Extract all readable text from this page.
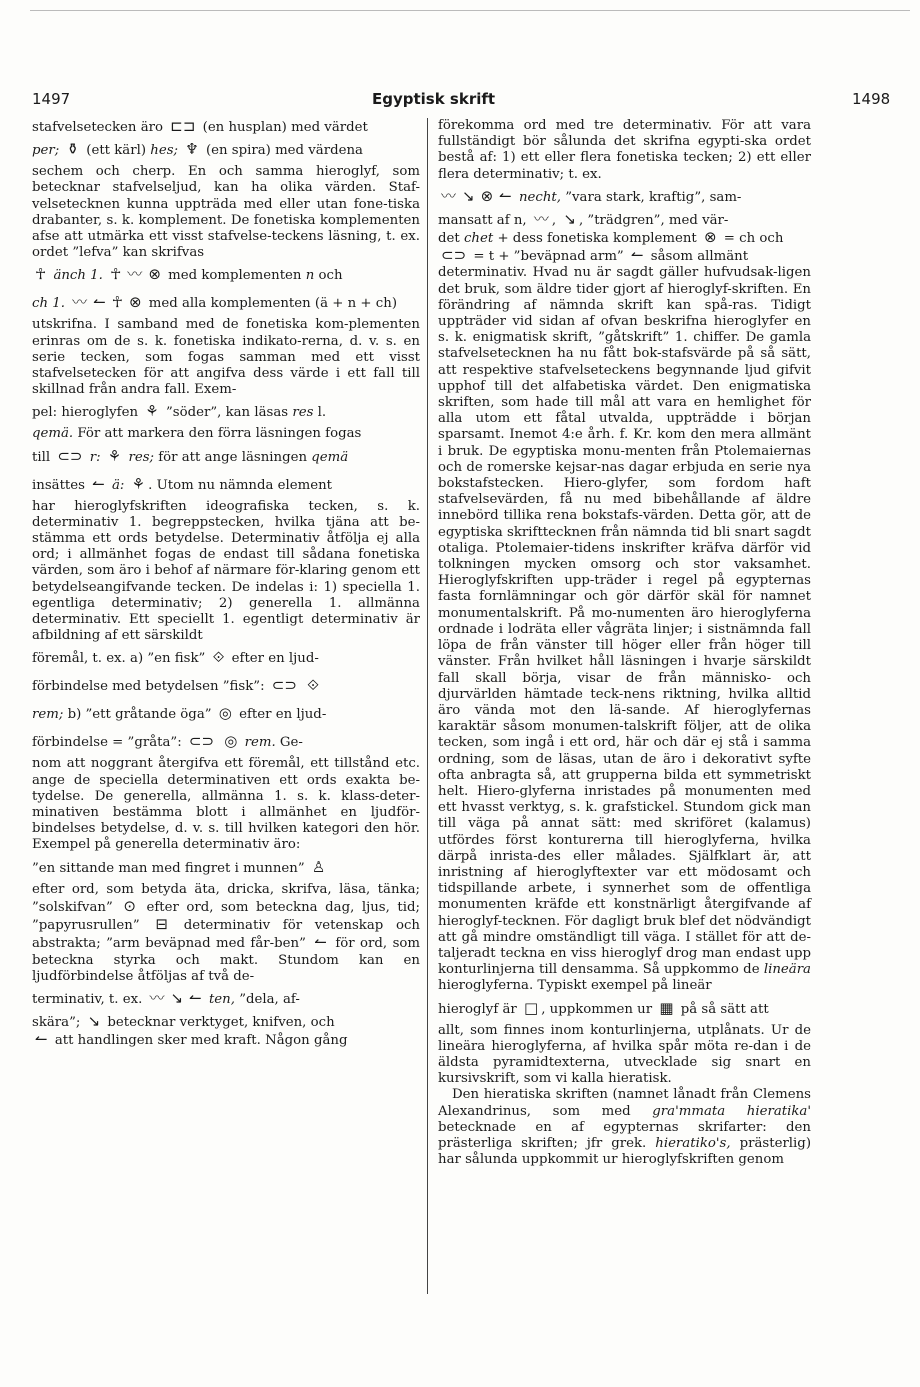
1497	Egyptisk skrift	1498

stafvelsetecken äro ⊏⊐ (en husplan) med värdet

per; ⚱ (ett kärl) hes; ♆ (en spira) med värdena

sechem och cherp. En och samma hieroglyf, som betecknar stafvelseljud, kan ha olika värden. Staf-velsetecknen kunna uppträda med eller utan fone-tiska drabanter, s. k. komplement. De fonetiska komplementen afse att utmärka ett visst stafvelse-teckens läsning, t. ex. ordet ”lefva” kan skrifvas

☥ änch 1. ☥ 〰 ⊗ med komplementen n och

ch 1. 〰 ↼ ☥ ⊗ med alla komplementen (ä + n + ch)

utskrifna. I samband med de fonetiska kom-plementen erinras om de s. k. fonetiska indikato-rerna, d. v. s. en serie tecken, som fogas samman med ett visst stafvelsetecken för att angifva dess värde i ett fall till skillnad från andra fall. Exem-

pel: hieroglyfen ⚘ ”söder”, kan läsas res l.

qemä. För att markera den förra läsningen fogas

till ⊂⊃ r: ⚘ res; för att ange läsningen qemä

insättes ↼ ä: ⚘ . Utom nu nämnda element

har hieroglyfskriften ideografiska tecken, s. k. determinativ 1. begreppstecken, hvilka tjäna att be-stämma ett ords betydelse. Determinativ åtfölja ej alla ord; i allmänhet fogas de endast till sådana fonetiska värden, som äro i behof af närmare för-klaring genom ett betydelseangifvande tecken. De indelas i: 1) speciella 1. egentliga determinativ; 2) generella 1. allmänna determinativ. Ett speciellt 1. egentligt determinativ är afbildning af ett särskildt

föremål, t. ex. a) ”en fisk” ⟐ efter en ljud-

förbindelse med betydelsen ”fisk”: ⊂⊃ ⟐

rem; b) ”ett gråtande öga” ◎ efter en ljud-

förbindelse = ”gråta”: ⊂⊃ ◎ rem. Ge-

nom att noggrant återgifva ett föremål, ett tillstånd etc. ange de speciella determinativen ett ords exakta be-tydelse. De generella, allmänna 1. s. k. klass-deter-minativen bestämma blott i allmänhet en ljudför-bindelses betydelse, d. v. s. till hvilken kategori den hör. Exempel på generella determinativ äro:

”en sittande man med fingret i munnen” ♙

efter ord, som betyda äta, dricka, skrifva, läsa, tänka; ”solskifvan” ⊙ efter ord, som betecknа dag, ljus, tid; ”papyrusrullen” ⊟ determinativ för vetenskap och abstrakta; ”arm beväpnad med får-ben” ↼ för ord, som betecknа styrka och makt. Stundom kan en ljudförbindelse åtföljas af två de-

terminativ, t. ex. 〰 ↘ ↼ ten, ”dela, af-

skära”; ↘ betecknar verktyget, knifven, och

↼ att handlingen sker med kraft. Någon gång

förekomma ord med tre determinativ. För att vara fullständigt bör sålunda det skrifna egypti-ska ordet bestå af: 1) ett eller flera fonetiska tecken; 2) ett eller flera determinativ; t. ex.

〰 ↘ ⊗ ↼ necht, ”vara stark, kraftig”, sam-

mansatt af n, 〰 , ↘ , ”trädgren”, med vär-

det chet + dess fonetiska komplement ⊗ = ch och

⊂⊃ = t + ”beväpnad arm” ↼ såsom allmänt

determinativ. Hvad nu är sagdt gäller hufvudsak-ligen det bruk, som äldre tider gjort af hieroglyf-skriften. En förändring af nämnda skrift kan spå-ras. Tidigt uppträder vid sidan af ofvan beskrifna hieroglyfer en s. k. enigmatisk skrift, ”gåtskrift” 1. chiffer. De gamla stafvelsetecknen ha nu fått bok-stafsvärde på så sätt, att respektive stafvelseteckens begynnande ljud gifvit upphof till det alfabetiska värdet. Den enigmatiska skriften, som hade till mål att vara en hemlighet för alla utom ett fåtal utvalda, uppträdde i början sparsamt. Inemot 4:e årh. f. Kr. kom den mera allmänt i bruk. De egyptiska monu-menten från Ptolemaiernas och de romerske kejsar-nas dagar erbjuda en serie nya bokstafstecken. Hiero-glyfer, som fordom haft stafvelsevärden, få nu med bibehållande af äldre innebörd tillika rena bokstafs-värden. Detta gör, att de egyptiska skrifttecknen från nämnda tid bli snart sagdt otaliga. Ptolemaier-tidens inskrifter kräfva därför vid tolkningen mycken omsorg och stor vaksamhet. Hieroglyfskriften upp-träder i regel på egypternas fasta fornlämningar och gör därför skäl för namnet monumentalskrift. På mo-numenten äro hieroglyferna ordnade i lodräta eller vågräta linjer; i sistnämnda fall löpa de från vänster till höger eller från höger till vänster. Från hvilket håll läsningen i hvarje särskildt fall skall börja, visar de från människo- och djurvärlden hämtade teck-nens riktning, hvilka alltid äro vända mot den lä-sande. Af hieroglyfernas karaktär såsom monumen-talskrift följer, att de olika tecken, som ingå i ett ord, här och där ej stå i samma ordning, som de läsas, utan de äro i dekorativt syfte ofta anbragta så, att grupperna bilda ett symmetriskt helt. Hiero-glyferna inristades på monumenten med ett hvasst verktyg, s. k. grafstickel. Stundom gick man till väga på annat sätt: med skriföret (kalamus) utfördes först konturerna till hieroglyferna, hvilka därpå inrista-des eller målades. Själfklart är, att inristning af hieroglyftexter var ett mödosamt och tidspillande arbete, i synnerhet som de offentliga monumenten kräfde ett konstnärligt återgifvande af hieroglyf-tecknen. För dagligt bruk blef det nödvändigt att gå mindre omständligt till väga. I stället för att de-taljeradt teckna en viss hieroglyf drog man endast upp konturlinjerna till densamma. Så uppkommo de lineära hieroglyferna. Typiskt exempel på lineär

hieroglyf är □ , uppkommen ur ▦ på så sätt att

allt, som finnes inom konturlinjerna, utplånats. Ur de lineära hieroglyferna, af hvilka spår möta re-dan i de äldsta pyramidtexterna, utvecklade sig snart en kursivskrift, som vi kalla hieratisk.

Den hieratiska skriften (namnet lånadt från Clemens Alexandrinus, som med gra'mmata hieratika' betecknade en af egypternas skrifarter: den prästerliga skriften; jfr grek. hieratiko's, prästerlig) har sålunda uppkommit ur hieroglyfskriften genom
